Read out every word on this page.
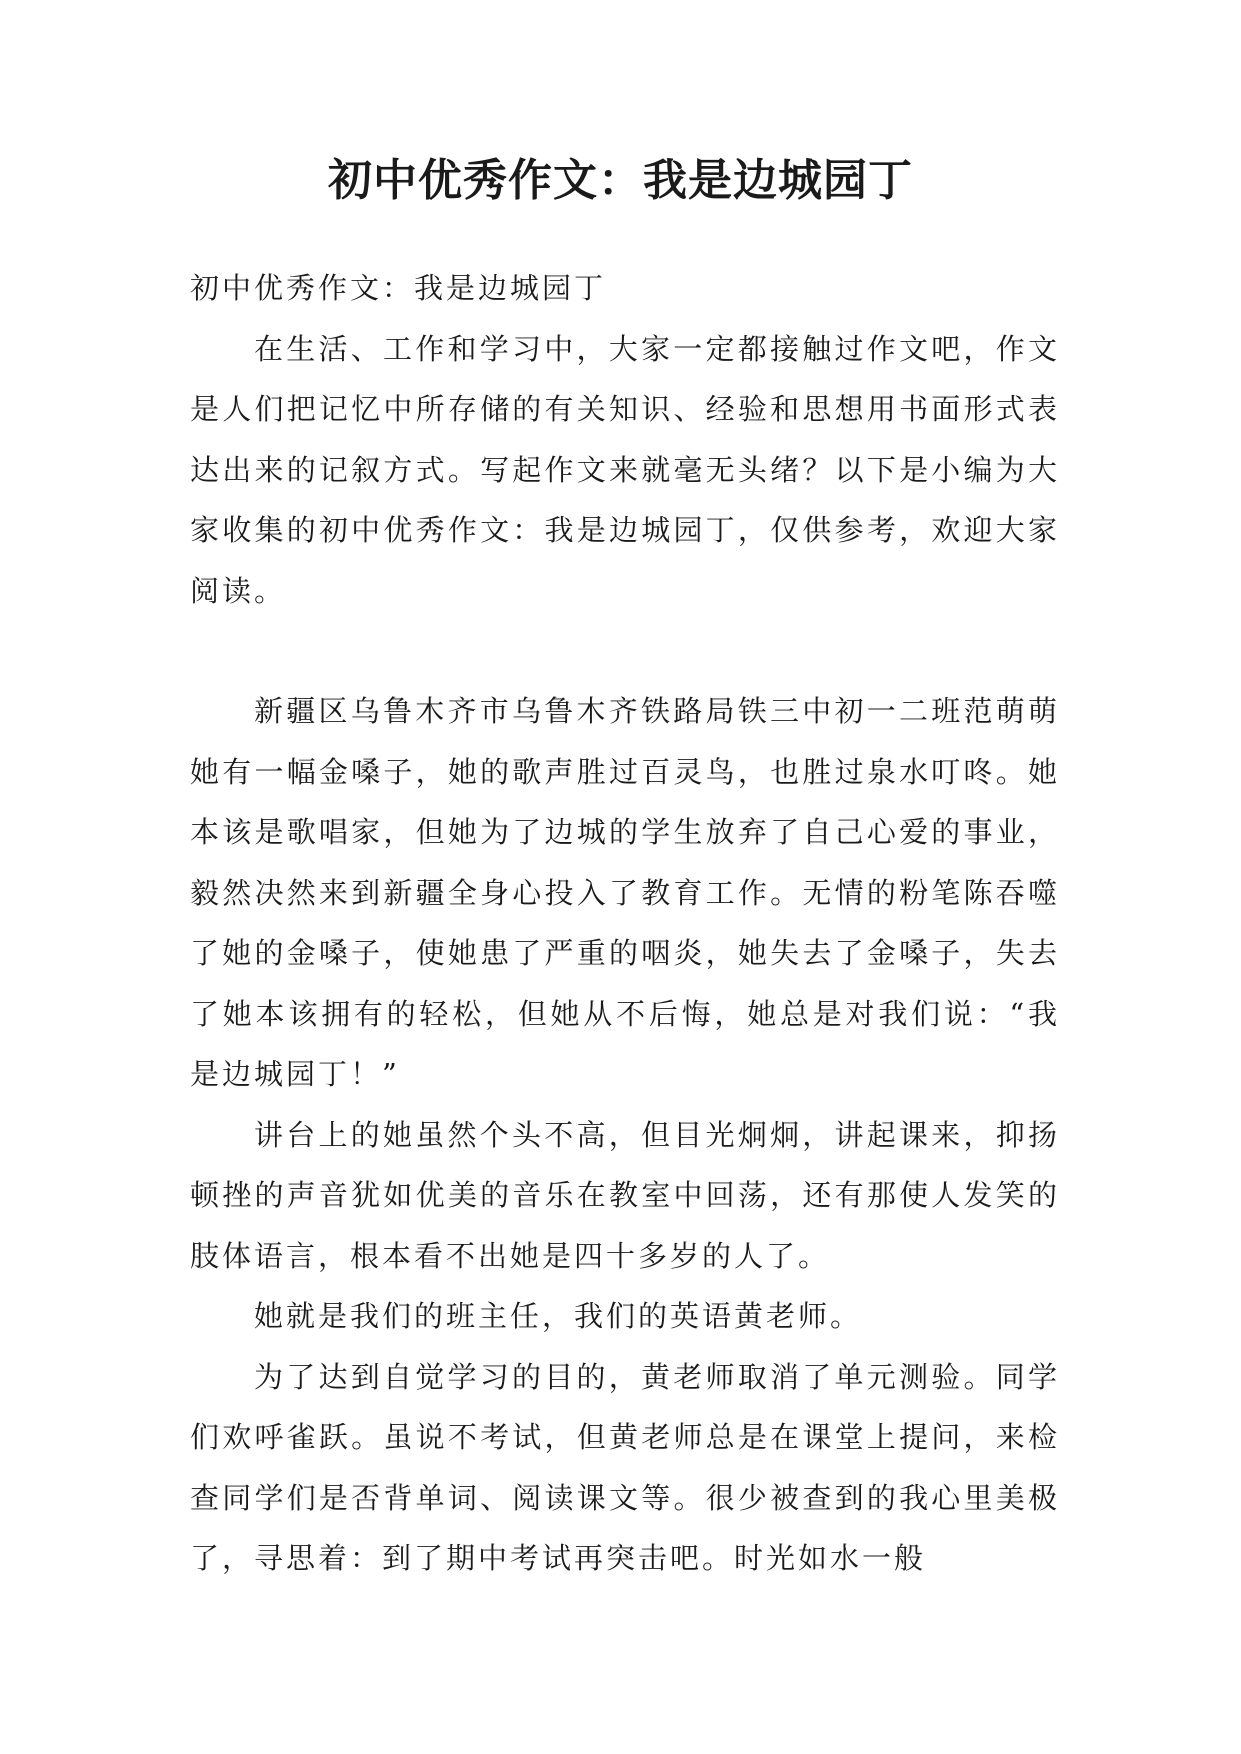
初中优秀作文：我是边城园丁

初中优秀作文：我是边城园丁

在生活、工作和学习中，大家一定都接触过作文吧，作文是人们把记忆中所存储的有关知识、经验和思想用书面形式表达出来的记叙方式。写起作文来就毫无头绪？以下是小编为大家收集的初中优秀作文：我是边城园丁，仅供参考，欢迎大家阅读。

新疆区乌鲁木齐市乌鲁木齐铁路局铁三中初一二班范萌萌她有一幅金嗓子，她的歌声胜过百灵鸟，也胜过泉水叮咚。她本该是歌唱家，但她为了边城的学生放弃了自己心爱的事业，毅然决然来到新疆全身心投入了教育工作。无情的粉笔陈吞噬了她的金嗓子，使她患了严重的咽炎，她失去了金嗓子，失去了她本该拥有的轻松，但她从不后悔，她总是对我们说：“我是边城园丁！”

讲台上的她虽然个头不高，但目光炯炯，讲起课来，抑扬顿挫的声音犹如优美的音乐在教室中回荡，还有那使人发笑的肢体语言，根本看不出她是四十多岁的人了。

她就是我们的班主任，我们的英语黄老师。

为了达到自觉学习的目的，黄老师取消了单元测验。同学们欢呼雀跃。虽说不考试，但黄老师总是在课堂上提问，来检查同学们是否背单词、阅读课文等。很少被查到的我心里美极了，寻思着：到了期中考试再突击吧。时光如水一般
